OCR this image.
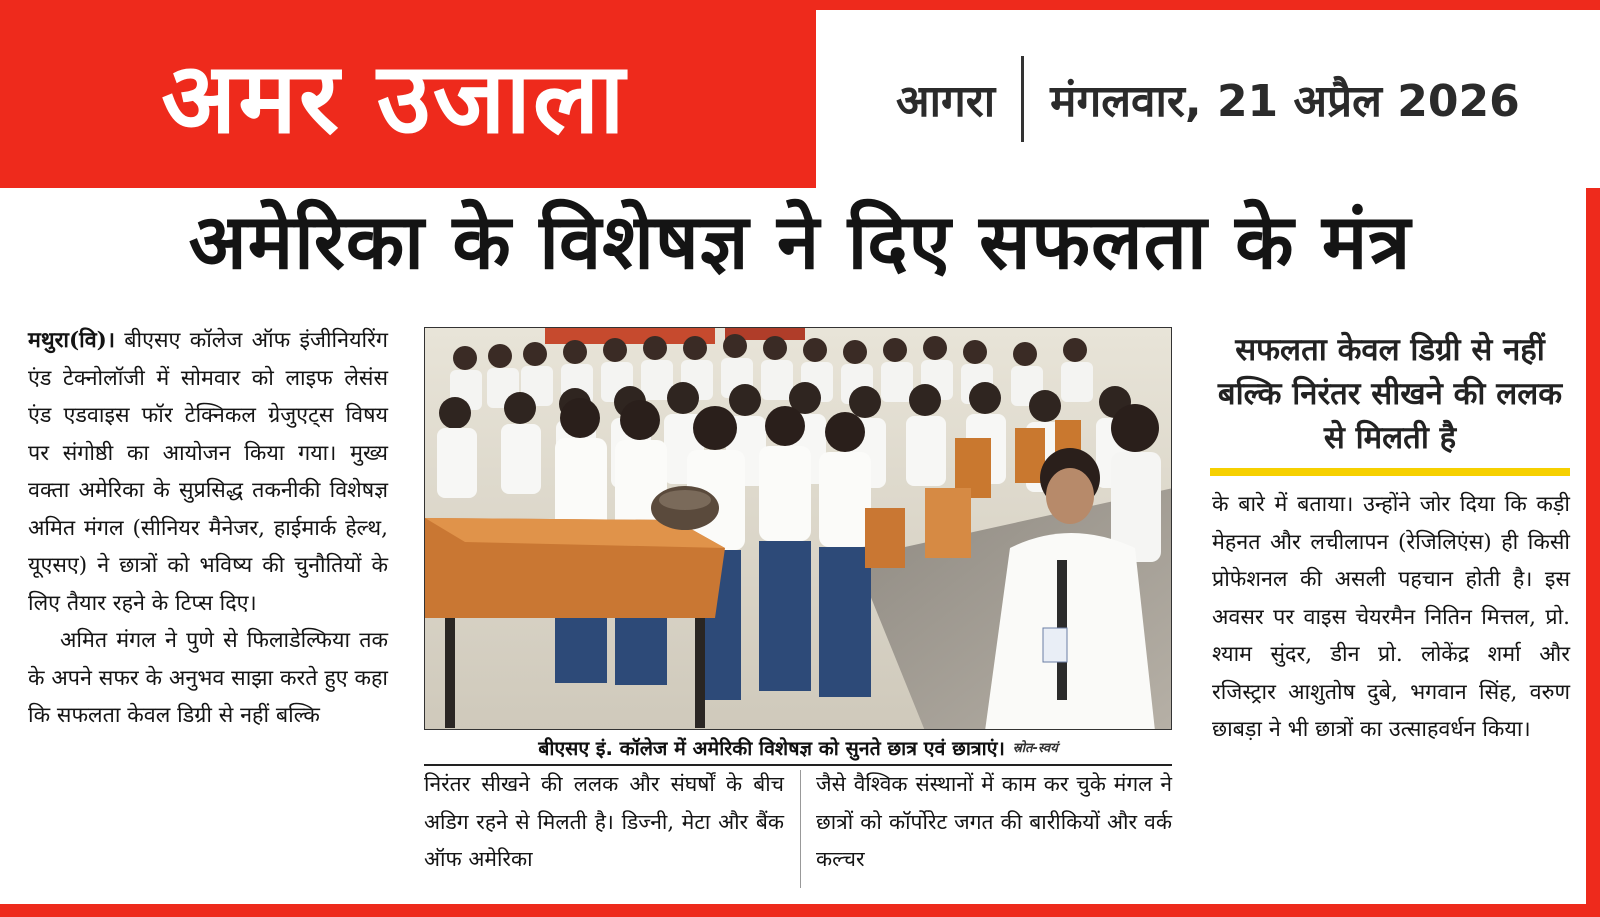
अमर उजाला	आगरा मंगलवार, 21 अप्रैल 2026
अमेरिका के विशेषज्ञ ने दिए सफलता के मंत्र

मथुरा(वि)। बीएसए कॉलेज ऑफ इंजीनियरिंग एंड टेक्नोलॉजी में सोमवार को लाइफ लेसंस एंड एडवाइस फॉर टेक्निकल ग्रेजुएट्स विषय पर संगोष्ठी का आयोजन किया गया। मुख्य वक्ता अमेरिका के सुप्रसिद्ध तकनीकी विशेषज्ञ अमित मंगल (सीनियर मैनेजर, हाईमार्क हेल्थ, यूएसए) ने छात्रों को भविष्य की चुनौतियों के लिए तैयार रहने के टिप्स दिए।

अमित मंगल ने पुणे से फिलाडेल्फिया तक के अपने सफर के अनुभव साझा करते हुए कहा कि सफलता केवल डिग्री से नहीं बल्कि

बीएसए इं. कॉलेज में अमेरिकी विशेषज्ञ को सुनते छात्र एवं छात्राएं। स्रोत-स्वयं
निरंतर सीखने की ललक और संघर्षों के बीच अडिग रहने से मिलती है। डिज्नी, मेटा और बैंक ऑफ अमेरिका
जैसे वैश्विक संस्थानों में काम कर चुके मंगल ने छात्रों को कॉर्पोरेट जगत की बारीकियों और वर्क कल्चर
सफलता केवल डिग्री से नहीं बल्कि निरंतर सीखने की ललक से मिलती है
के बारे में बताया। उन्होंने जोर दिया कि कड़ी मेहनत और लचीलापन (रेजिलिएंस) ही किसी प्रोफेशनल की असली पहचान होती है। इस अवसर पर वाइस चेयरमैन नितिन मित्तल, प्रो. श्याम सुंदर, डीन प्रो. लोकेंद्र शर्मा और रजिस्ट्रार आशुतोष दुबे, भगवान सिंह, वरुण छाबड़ा ने भी छात्रों का उत्साहवर्धन किया।
